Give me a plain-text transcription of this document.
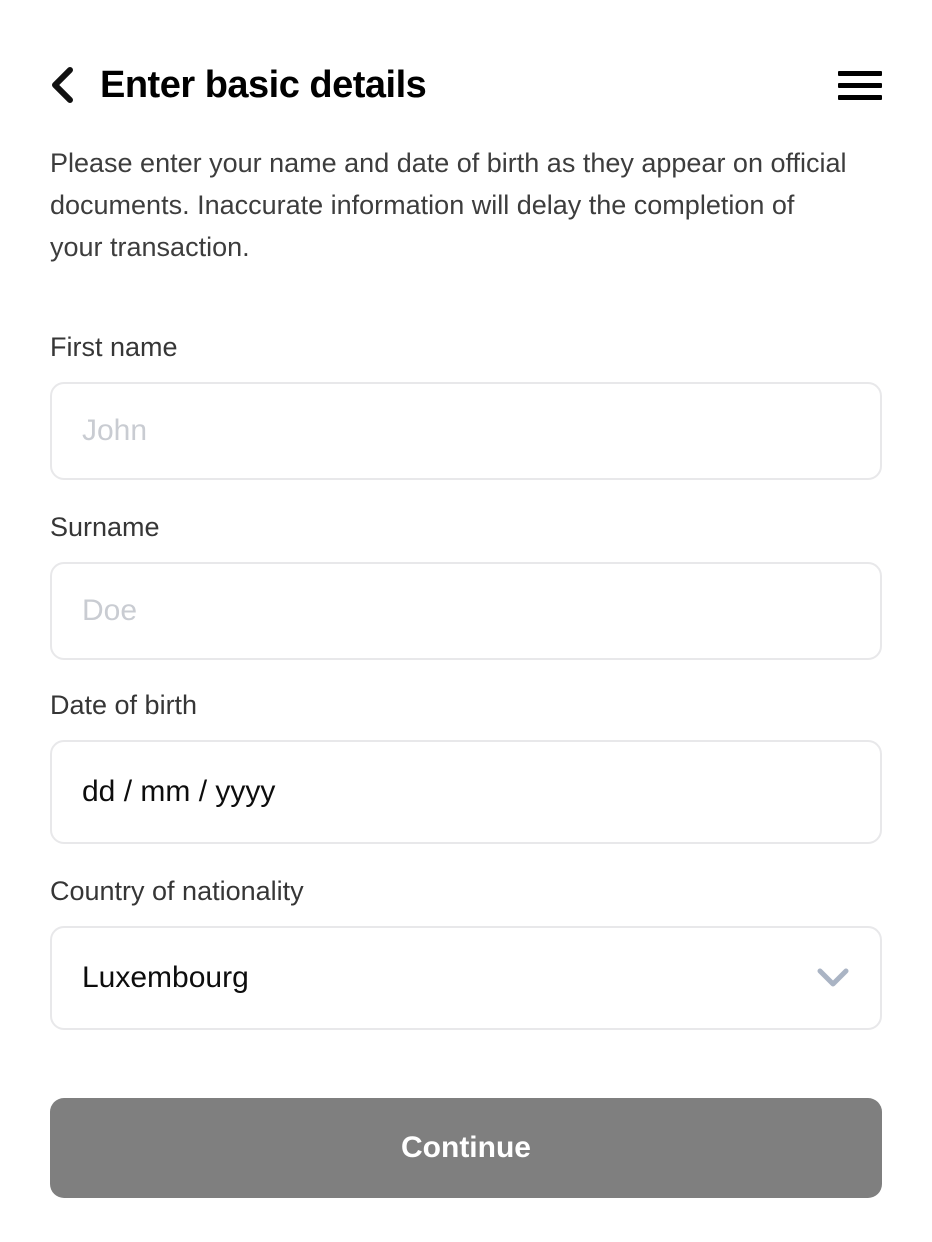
Enter basic details

Please enter your name and date of birth as they appear on official documents. Inaccurate information will delay the completion of your transaction.

First name
John
Surname
Doe
Date of birth
dd / mm / yyyy
Country of nationality
Luxembourg
Continue
